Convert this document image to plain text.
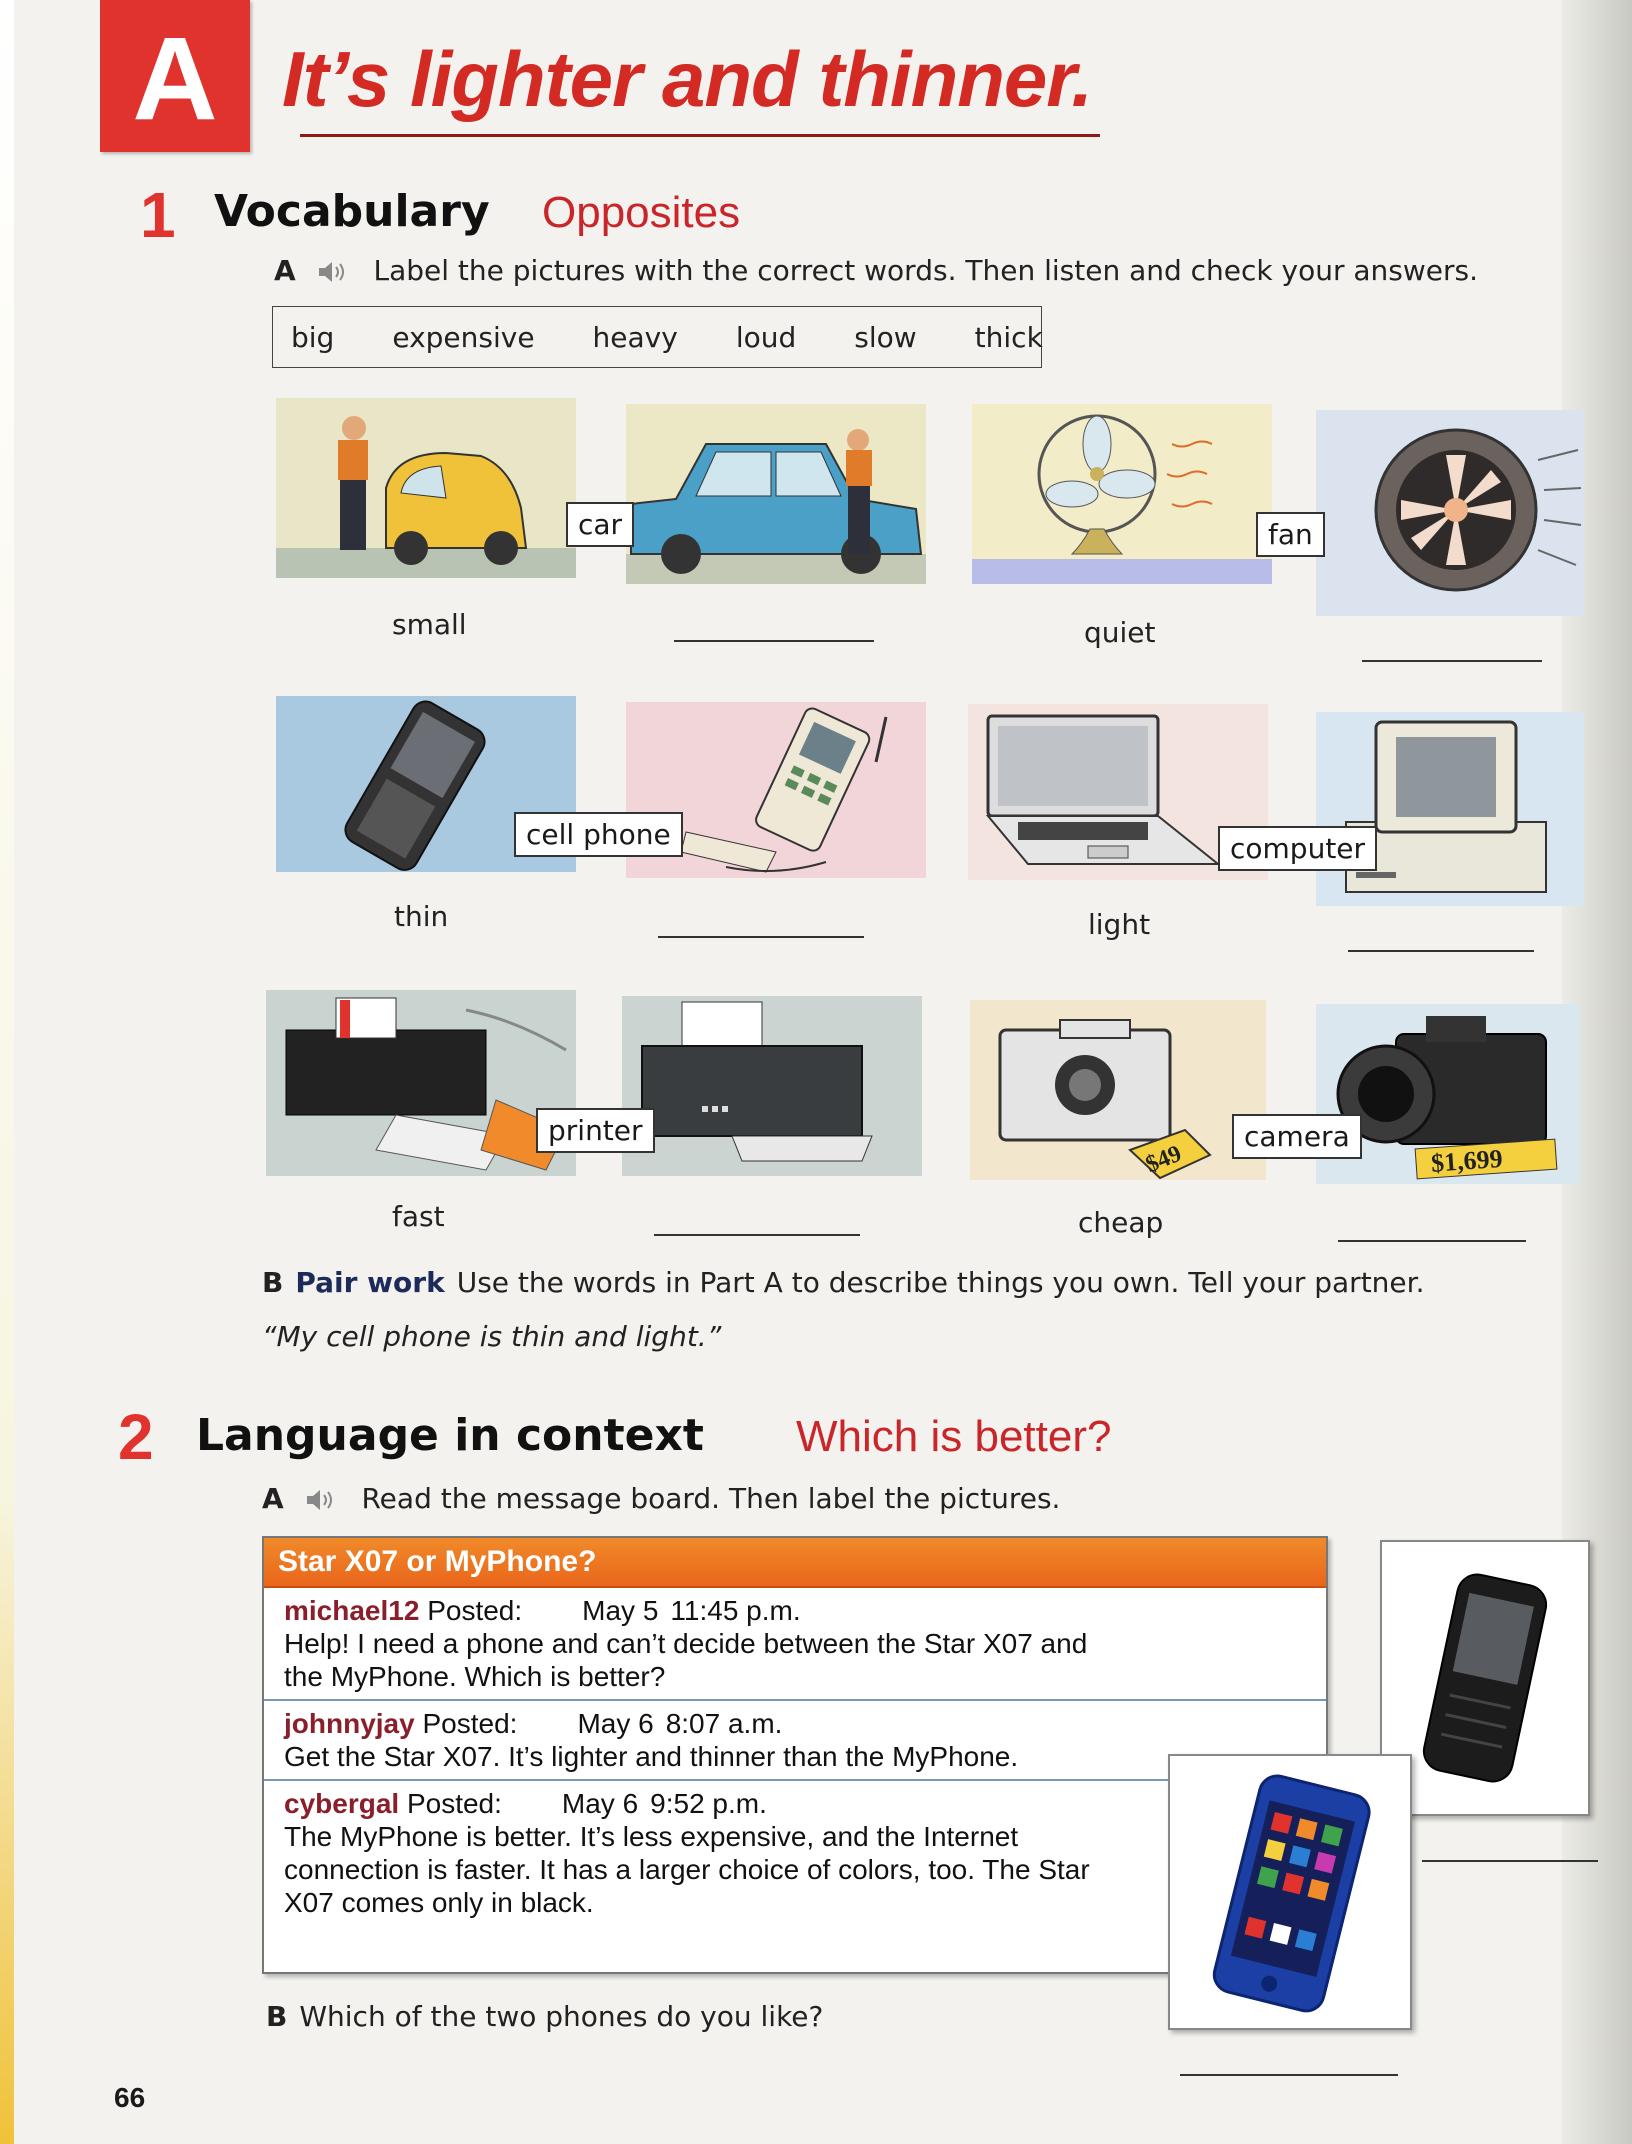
A It’s lighter and thinner.
1 Vocabulary Opposites
A	Label the pictures with the correct words. Then listen and check your answers.
big	expensive	heavy	loud	slow	thick
car
small
fan
quiet
cell phone
thin
computer
light
printer
fast
$49	$1,699
camera
cheap
B Pair work Use the words in Part A to describe things you own. Tell your partner.
“My cell phone is thin and light.”
2 Language in context Which is better?
A	Read the message board. Then label the pictures.
Star X07 or MyPhone?
michael12 Posted: May 5 11:45 p.m.
Help! I need a phone and can’t decide between the Star X07 and
the MyPhone. Which is better?
johnnyjay Posted: May 6 8:07 a.m.
Get the Star X07. It’s lighter and thinner than the MyPhone.
cybergal Posted: May 6 9:52 p.m.
The MyPhone is better. It’s less expensive, and the Internet
connection is faster. It has a larger choice of colors, too. The Star
X07 comes only in black.
B Which of the two phones do you like?
66
